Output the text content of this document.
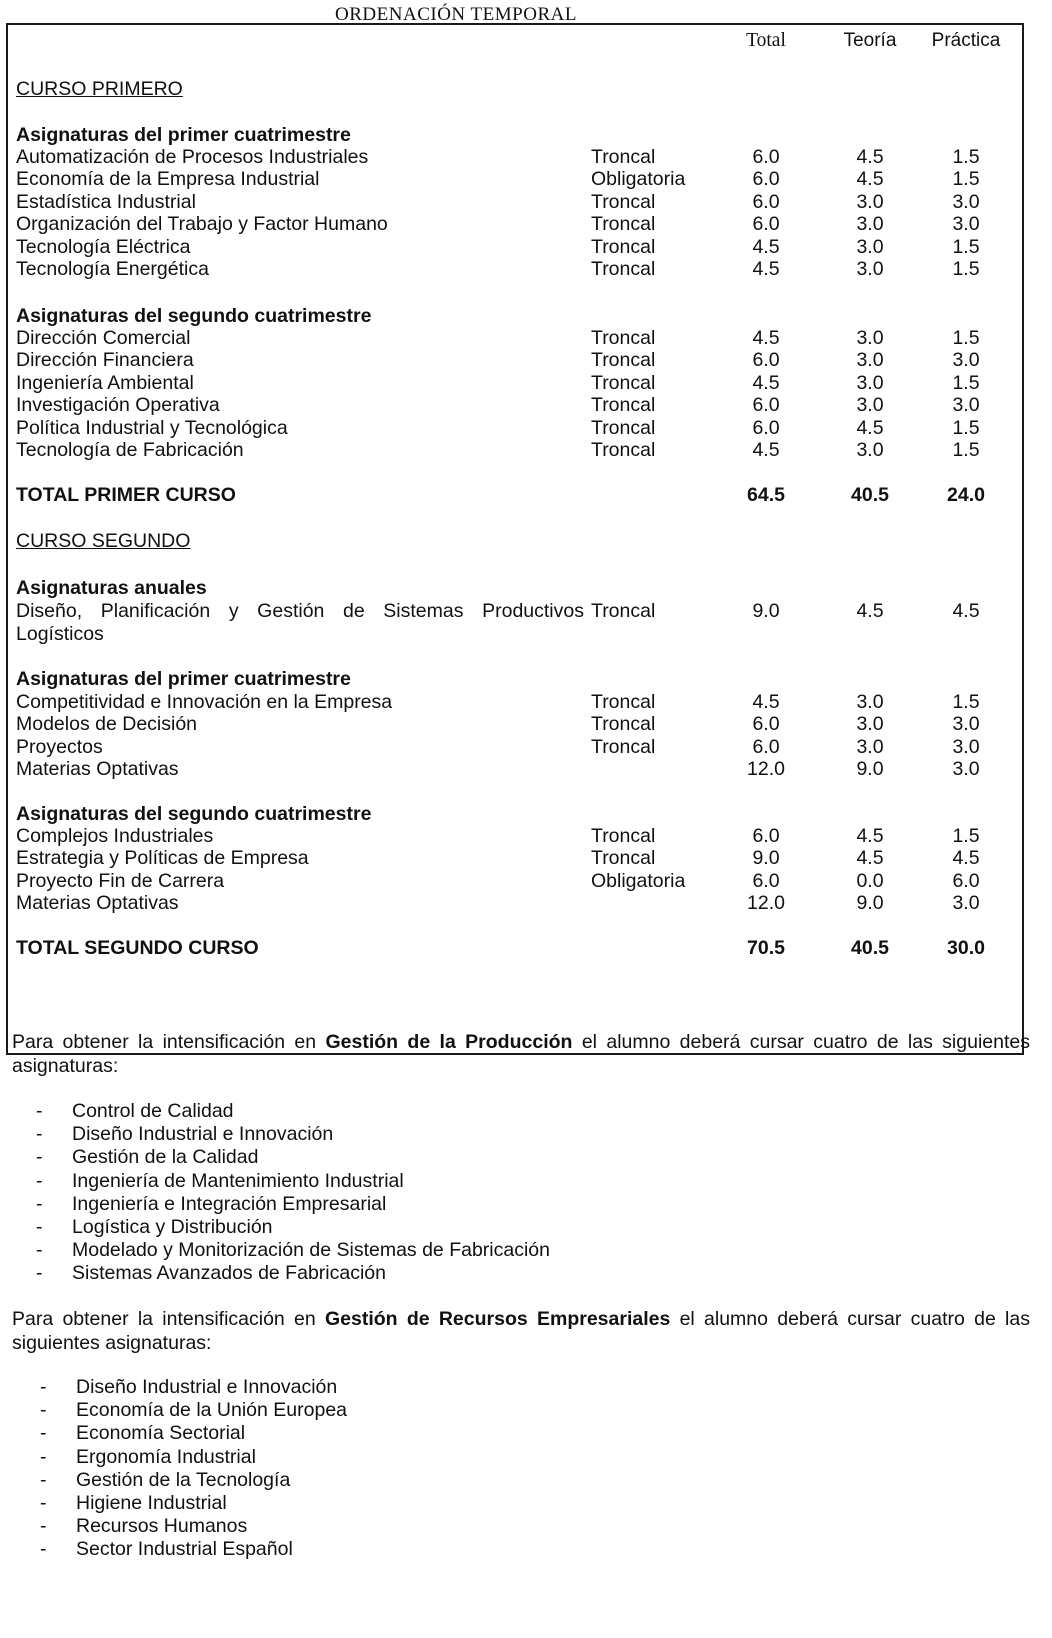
ORDENACIÓN TEMPORAL
Total	Teoría	Práctica
CURSO PRIMERO
Asignaturas del primer cuatrimestre
Automatización de Procesos Industriales	Troncal	6.0	4.5	1.5
Economía de la Empresa Industrial	Obligatoria	6.0	4.5	1.5
Estadística Industrial	Troncal	6.0	3.0	3.0
Organización del Trabajo y Factor Humano	Troncal	6.0	3.0	3.0
Tecnología Eléctrica	Troncal	4.5	3.0	1.5
Tecnología Energética	Troncal	4.5	3.0	1.5
Asignaturas del segundo cuatrimestre
Dirección Comercial	Troncal	4.5	3.0	1.5
Dirección Financiera	Troncal	6.0	3.0	3.0
Ingeniería Ambiental	Troncal	4.5	3.0	1.5
Investigación Operativa	Troncal	6.0	3.0	3.0
Política Industrial y Tecnológica	Troncal	6.0	4.5	1.5
Tecnología de Fabricación	Troncal	4.5	3.0	1.5
TOTAL PRIMER CURSO	64.5	40.5	24.0
CURSO SEGUNDO
Asignaturas anuales
Diseño, Planificación y Gestión de Sistemas Productivos Troncal	9.0	4.5	4.5
Logísticos
Asignaturas del primer cuatrimestre
Competitividad e Innovación en la Empresa	Troncal	4.5	3.0	1.5
Modelos de Decisión	Troncal	6.0	3.0	3.0
Proyectos	Troncal	6.0	3.0	3.0
Materias Optativas	12.0	9.0	3.0
Asignaturas del segundo cuatrimestre
Complejos Industriales	Troncal	6.0	4.5	1.5
Estrategia y Políticas de Empresa	Troncal	9.0	4.5	4.5
Proyecto Fin de Carrera	Obligatoria	6.0	0.0	6.0
Materias Optativas	12.0	9.0	3.0
TOTAL SEGUNDO CURSO	70.5	40.5	30.0
Para obtener la intensificación en Gestión de la Producción el alumno deberá cursar cuatro de las siguientes asignaturas:
- Control de Calidad
- Diseño Industrial e Innovación
- Gestión de la Calidad
- Ingeniería de Mantenimiento Industrial
- Ingeniería e Integración Empresarial
- Logística y Distribución
- Modelado y Monitorización de Sistemas de Fabricación
- Sistemas Avanzados de Fabricación
Para obtener la intensificación en Gestión de Recursos Empresariales el alumno deberá cursar cuatro de las siguientes asignaturas:
- Diseño Industrial e Innovación
- Economía de la Unión Europea
- Economía Sectorial
- Ergonomía Industrial
- Gestión de la Tecnología
- Higiene Industrial
- Recursos Humanos
- Sector Industrial Español
